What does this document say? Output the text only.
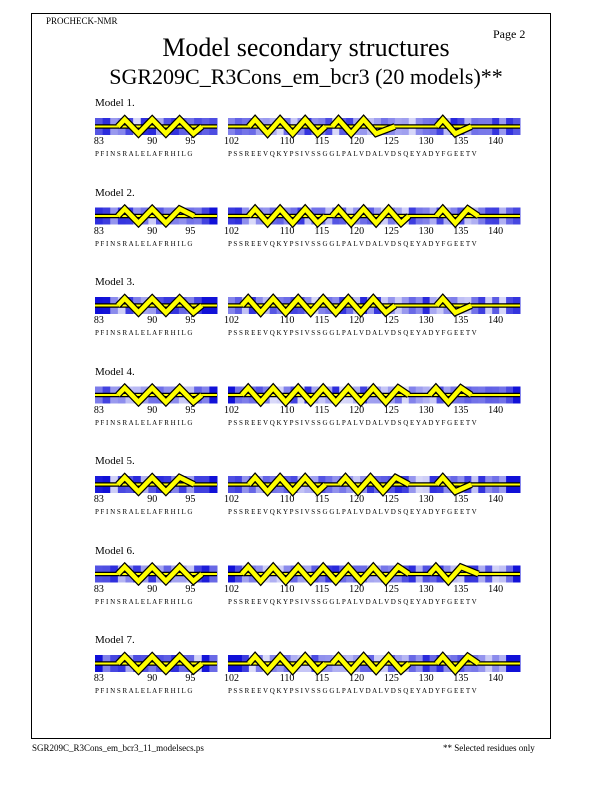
PROCHECK-NMR
Page 2
Model secondary structures
SGR209C_R3Cons_em_bcr3 (20 models)**
Model 1.
83	90	95
P F I N S R A L E L A F R H I L G
102	110 115 120 125 130 135 140
P S S R E E V Q K Y P S I V S S G G L P A L V D A L V D S Q E Y A D Y F G E E T V
Model 2.
83	90	95
P F I N S R A L E L A F R H I L G
102	110 115 120 125 130 135 140
P S S R E E V Q K Y P S I V S S G G L P A L V D A L V D S Q E Y A D Y F G E E T V
Model 3.
83	90	95
P F I N S R A L E L A F R H I L G
102	110 115 120 125 130 135 140
P S S R E E V Q K Y P S I V S S G G L P A L V D A L V D S Q E Y A D Y F G E E T V
Model 4.
83	90	95
P F I N S R A L E L A F R H I L G
102	110 115 120 125 130 135 140
P S S R E E V Q K Y P S I V S S G G L P A L V D A L V D S Q E Y A D Y F G E E T V
Model 5.
83	90	95
P F I N S R A L E L A F R H I L G
102	110 115 120 125 130 135 140
P S S R E E V Q K Y P S I V S S G G L P A L V D A L V D S Q E Y A D Y F G E E T V
Model 6.
83	90	95
P F I N S R A L E L A F R H I L G
102	110 115 120 125 130 135 140
P S S R E E V Q K Y P S I V S S G G L P A L V D A L V D S Q E Y A D Y F G E E T V
Model 7.
83	90	95
P F I N S R A L E L A F R H I L G
102	110 115 120 125 130 135 140
P S S R E E V Q K Y P S I V S S G G L P A L V D A L V D S Q E Y A D Y F G E E T V
SGR209C_R3Cons_em_bcr3_11_modelsecs.ps	** Selected residues only
